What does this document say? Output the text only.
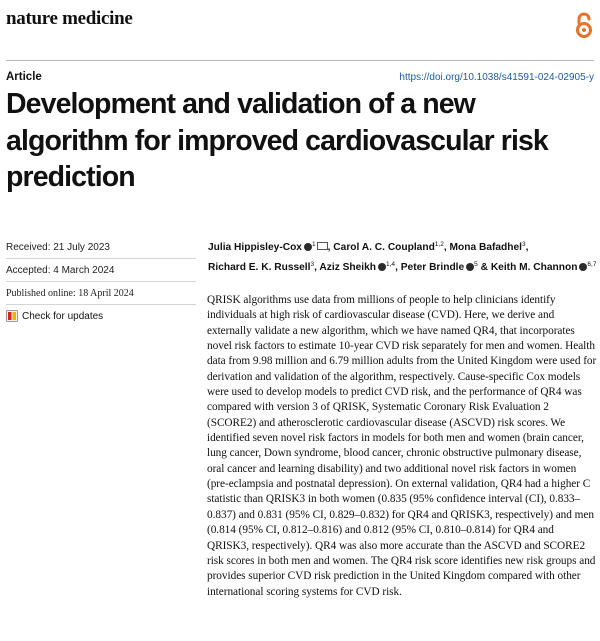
nature medicine
Article	https://doi.org/10.1038/s41591-024-02905-y
Development and validation of a new algorithm for improved cardiovascular risk prediction
Received: 21 July 2023
Accepted: 4 March 2024
Published online: 18 April 2024
Check for updates
Julia Hippisley-Cox $^1$ , Carol A. C. Coupland$^{1,2}$, Mona Bafadhel$^3$, Richard E. K. Russell$^3$, Aziz Sheikh $^{1,4}$, Peter Brindle $^5$ & Keith M. Channon $^{6,7}$

QRISK algorithms use data from millions of people to help clinicians identify individuals at high risk of cardiovascular disease (CVD). Here, we derive and externally validate a new algorithm, which we have named QR4, that incorporates novel risk factors to estimate 10-year CVD risk separately for men and women. Health data from 9.98 million and 6.79 million adults from the United Kingdom were used for derivation and validation of the algorithm, respectively. Cause-specific Cox models were used to develop models to predict CVD risk, and the performance of QR4 was compared with version 3 of QRISK, Systematic Coronary Risk Evaluation 2 (SCORE2) and atherosclerotic cardiovascular disease (ASCVD) risk scores. We identified seven novel risk factors in models for both men and women (brain cancer, lung cancer, Down syndrome, blood cancer, chronic obstructive pulmonary disease, oral cancer and learning disability) and two additional novel risk factors in women (pre-eclampsia and postnatal depression). On external validation, QR4 had a higher C statistic than QRISK3 in both women (0.835 (95% confidence interval (CI), 0.833–0.837) and 0.831 (95% CI, 0.829–0.832) for QR4 and QRISK3, respectively) and men (0.814 (95% CI, 0.812–0.816) and 0.812 (95% CI, 0.810–0.814) for QR4 and QRISK3, respectively). QR4 was also more accurate than the ASCVD and SCORE2 risk scores in both men and women. The QR4 risk score identifies new risk groups and provides superior CVD risk prediction in the United Kingdom compared with other international scoring systems for CVD risk.
